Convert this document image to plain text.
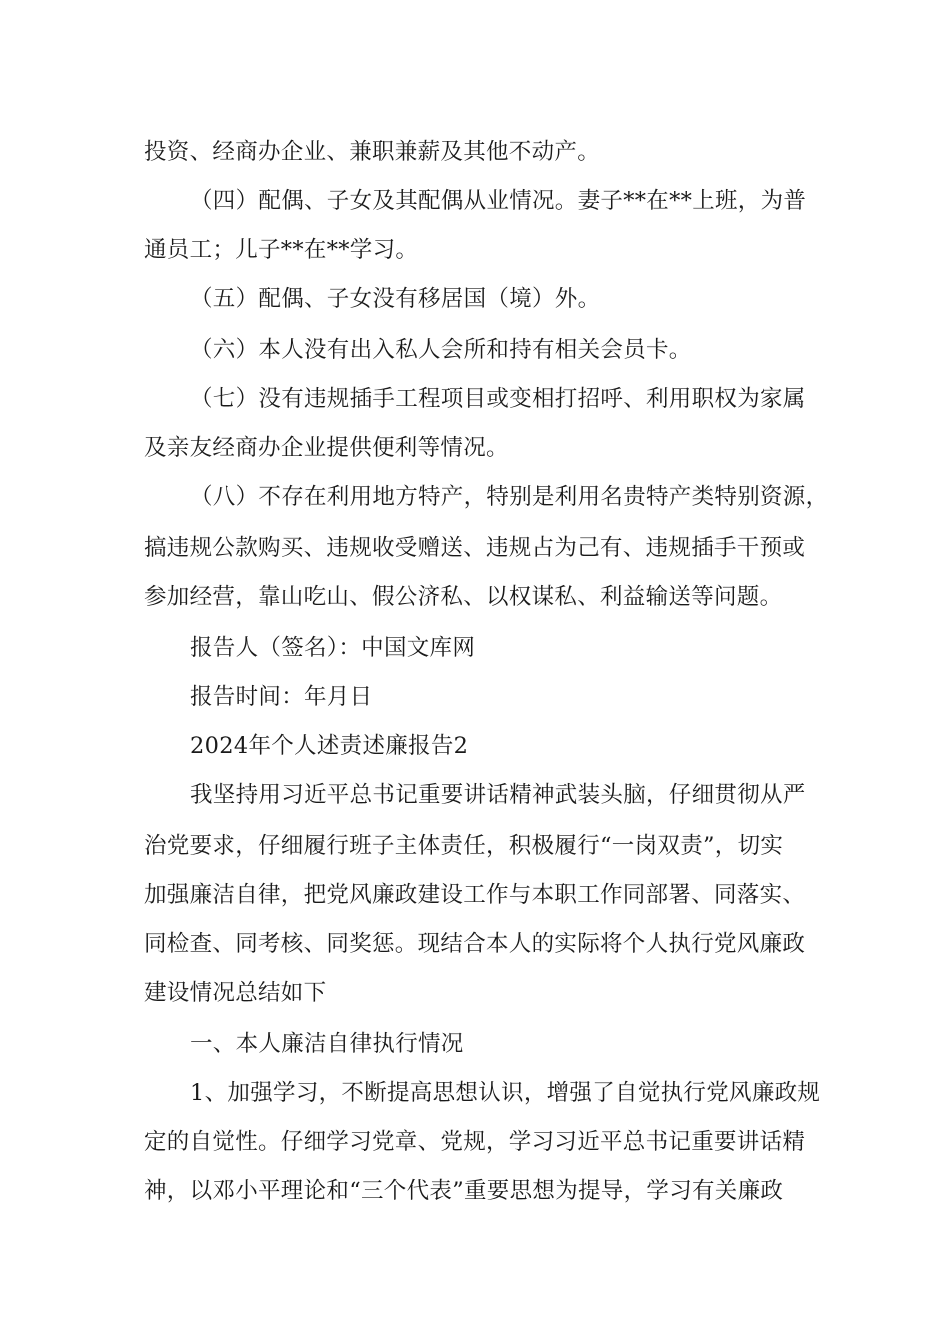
投资、经商办企业、兼职兼薪及其他不动产。
（四）配偶、子女及其配偶从业情况。妻子**在**上班，为普
通员工；儿子**在**学习。
（五）配偶、子女没有移居国（境）外。
（六）本人没有出入私人会所和持有相关会员卡。
（七）没有违规插手工程项目或变相打招呼、利用职权为家属
及亲友经商办企业提供便利等情况。
（八）不存在利用地方特产，特别是利用名贵特产类特别资源，
搞违规公款购买、违规收受赠送、违规占为己有、违规插手干预或
参加经营，靠山吃山、假公济私、以权谋私、利益输送等问题。
报告人（签名）：中国文库网
报告时间：年月日
2024年个人述责述廉报告2
我坚持用习近平总书记重要讲话精神武装头脑，仔细贯彻从严
治党要求，仔细履行班子主体责任，积极履行“一岗双责”，切实
加强廉洁自律，把党风廉政建设工作与本职工作同部署、同落实、
同检查、同考核、同奖惩。现结合本人的实际将个人执行党风廉政
建设情况总结如下
一、本人廉洁自律执行情况
1、加强学习，不断提高思想认识，增强了自觉执行党风廉政规
定的自觉性。仔细学习党章、党规，学习习近平总书记重要讲话精
神，以邓小平理论和“三个代表”重要思想为提导，学习有关廉政
